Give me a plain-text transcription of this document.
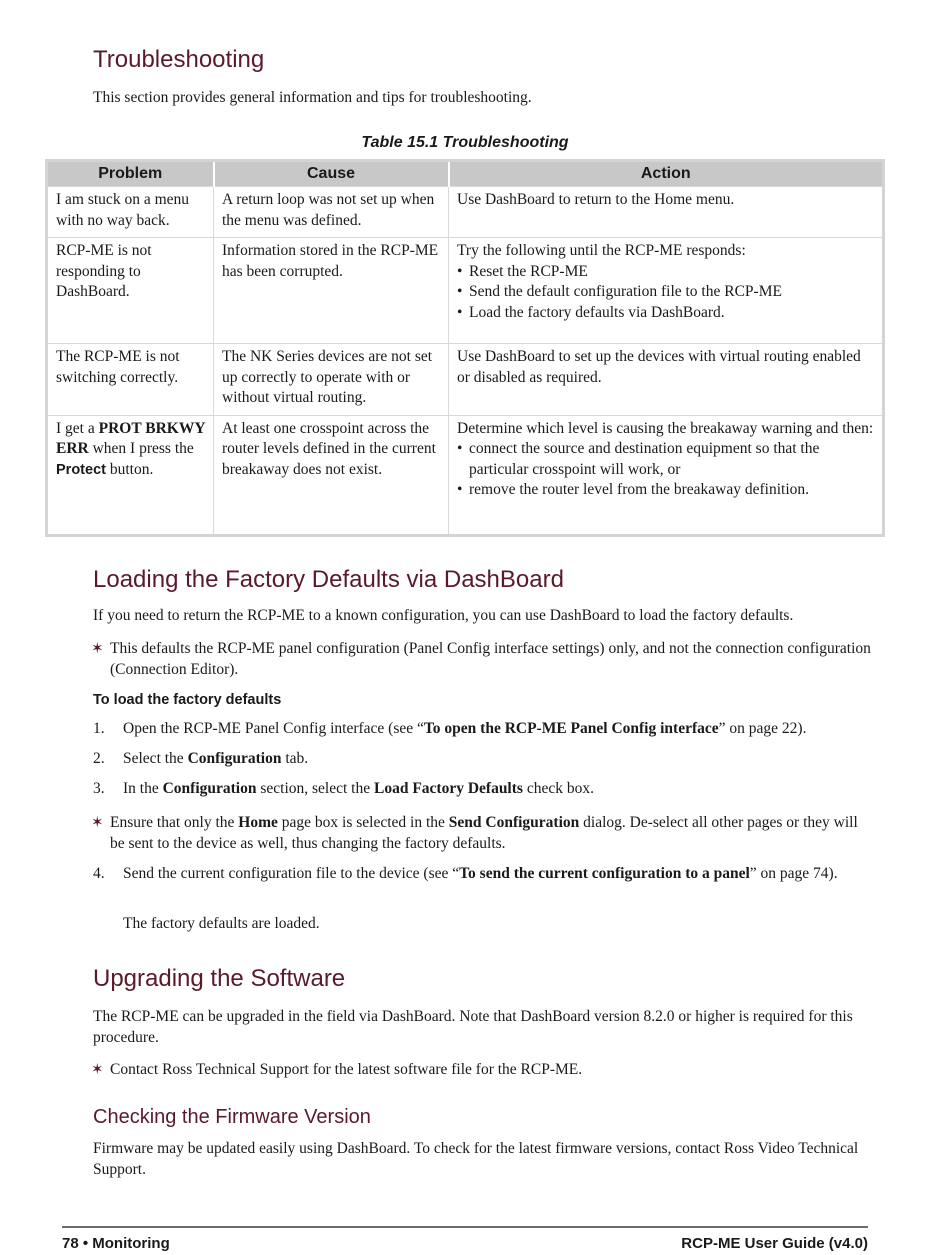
Troubleshooting

This section provides general information and tips for troubleshooting.

Table 15.1 Troubleshooting
Problem	Cause	Action
I am stuck on a menu with no way back.	A return loop was not set up when the menu was defined.	Use DashBoard to return to the Home menu.
RCP-ME is not responding to DashBoard.	Information stored in the RCP-ME has been corrupted.	Try the following until the RCP-ME responds:

• Reset the RCP-ME

• Send the default configuration file to the RCP-ME

• Load the factory defaults via DashBoard.

The RCP-ME is not switching correctly.	The NK Series devices are not set up correctly to operate with or without virtual routing.	Use DashBoard to set up the devices with virtual routing enabled or disabled as required.
I get a PROT BRKWY ERR when I press the Protect button.	At least one crosspoint across the router levels defined in the current breakaway does not exist.	Determine which level is causing the breakaway warning and then:

• connect the source and destination equipment so that the particular crosspoint will work, or

• remove the router level from the breakaway definition.

Loading the Factory Defaults via DashBoard

If you need to return the RCP-ME to a known configuration, you can use DashBoard to load the factory defaults.

✶ This defaults the RCP-ME panel configuration (Panel Config interface settings) only, and not the connection configuration (Connection Editor).
To load the factory defaults
1. Open the RCP-ME Panel Config interface (see “To open the RCP-ME Panel Config interface” on page 22).
2. Select the Configuration tab.
3. In the Configuration section, select the Load Factory Defaults check box.
✶ Ensure that only the Home page box is selected in the Send Configuration dialog. De-select all other pages or they will be sent to the device as well, thus changing the factory defaults.
4. Send the current configuration file to the device (see “To send the current configuration to a panel” on page 74).

The factory defaults are loaded.

Upgrading the Software

The RCP-ME can be upgraded in the field via DashBoard. Note that DashBoard version 8.2.0 or higher is required for this procedure.

✶ Contact Ross Technical Support for the latest software file for the RCP-ME.
Checking the Firmware Version

Firmware may be updated easily using DashBoard. To check for the latest firmware versions, contact Ross Video Technical Support.

78 • Monitoring	RCP-ME User Guide (v4.0)
